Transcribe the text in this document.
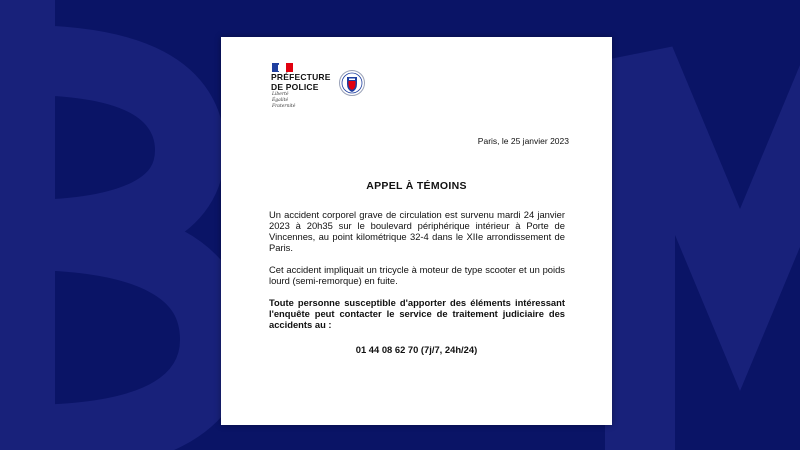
PRÉFECTURE
DE POLICE
Liberté
Égalité
Fraternité
Paris, le 25 janvier 2023
APPEL À TÉMOINS

Un accident corporel grave de circulation est survenu mardi 24 janvier 2023 à 20h35 sur le boulevard périphérique intérieur à Porte de Vincennes, au point kilométrique 32-4 dans le XIIe arrondissement de Paris.

Cet accident impliquait un tricycle à moteur de type scooter et un poids lourd (semi-remorque) en fuite.

Toute personne susceptible d'apporter des éléments intéressant l'enquête peut contacter le service de traitement judiciaire des accidents au :

01 44 08 62 70 (7j/7, 24h/24)
